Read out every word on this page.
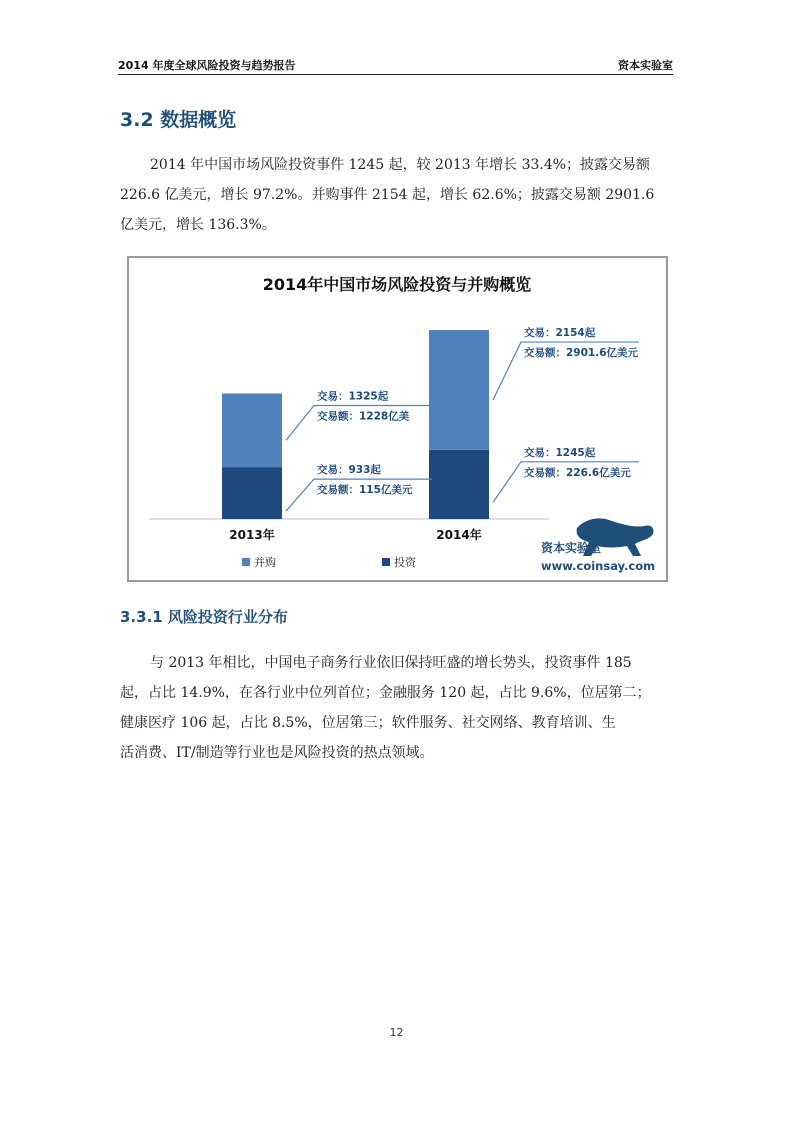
2014 年度全球风险投资与趋势报告	资本实验室
3.2 数据概览
2014 年中国市场风险投资事件 1245 起，较 2013 年增长 33.4%；披露交易额
226.6 亿美元，增长 97.2%。并购事件 2154 起，增长 62.6%；披露交易额 2901.6
亿美元，增长 136.3%。
2014年中国市场风险投资与并购概览
2013年	2014年
交易：1325起
交易额：1228亿美
交易：933起
交易额：115亿美元
交易：2154起
交易额：2901.6亿美元
交易：1245起
交易额：226.6亿美元
并购	投资
资本实验室
www.coinsay.com
3.3.1 风险投资行业分布
与 2013 年相比，中国电子商务行业依旧保持旺盛的增长势头，投资事件 185
起，占比 14.9%，在各行业中位列首位；金融服务 120 起，占比 9.6%，位居第二；
健康医疗 106 起，占比 8.5%，位居第三；软件服务、社交网络、教育培训、生
活消费、IT/制造等行业也是风险投资的热点领域。
12
